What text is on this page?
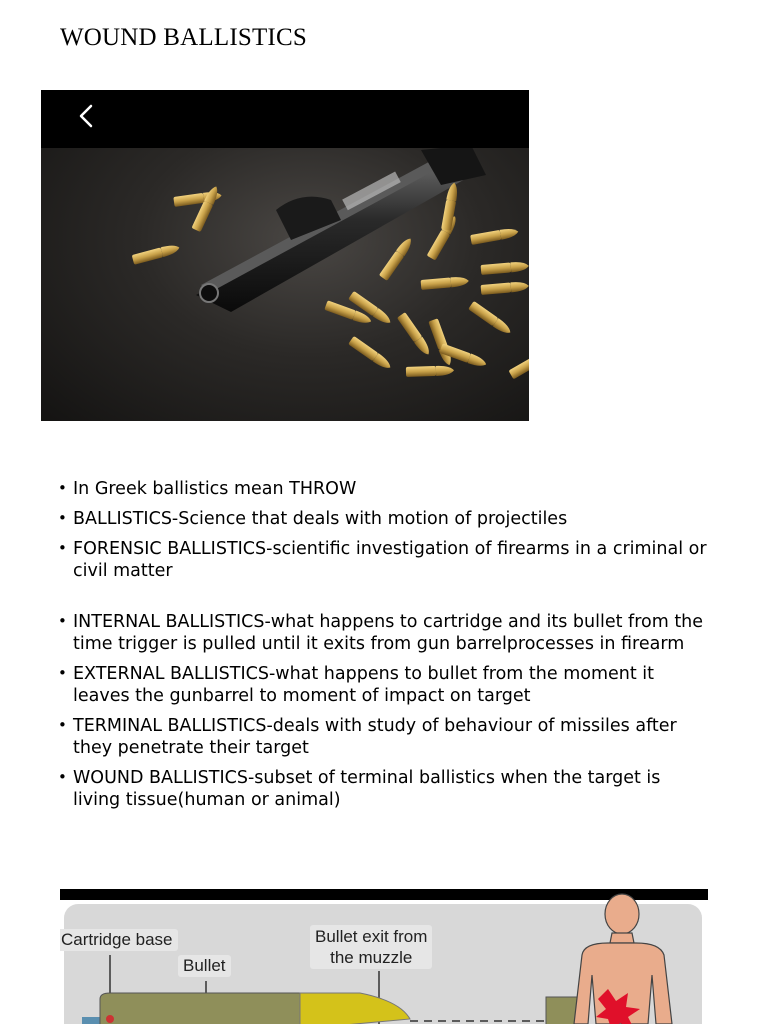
WOUND BALLISTICS
• In Greek ballistics mean THROW
• BALLISTICS-Science that deals with motion of projectiles
• FORENSIC BALLISTICS-scientific investigation of firearms in a criminal or civil matter
• INTERNAL BALLISTICS-what happens to cartridge and its bullet from the time trigger is pulled until it exits from gun barrelprocesses in firearm
• EXTERNAL BALLISTICS-what happens to bullet from the moment it leaves the gunbarrel to moment of impact on target
• TERMINAL BALLISTICS-deals with study of behaviour of missiles after they penetrate their target
• WOUND BALLISTICS-subset of terminal ballistics when the target is living tissue(human or animal)
Cartridge base
Bullet
Bullet exit from
the muzzle
